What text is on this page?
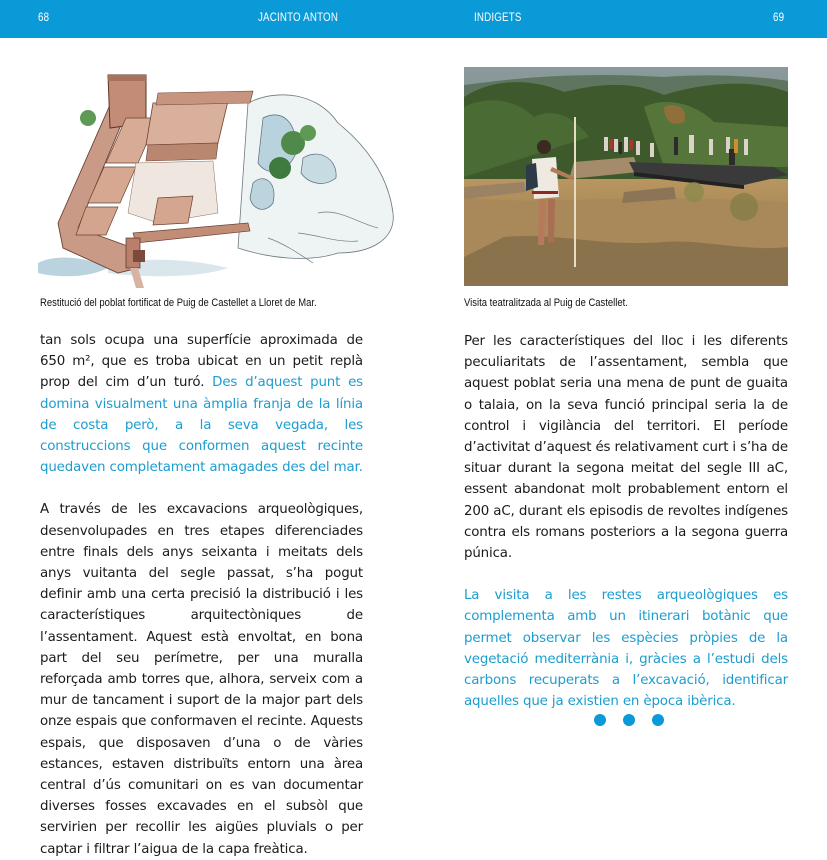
68	JACINTO ANTON	INDIGETS	69
Restitució del poblat fortificat de Puig de Castellet a Lloret de Mar.	Visita teatralitzada al Puig de Castellet.

tan sols ocupa una superfície aproximada de 650 m², que es troba ubicat en un petit replà prop del cim d’un turó. Des d’aquest punt es domina visualment una àmplia franja de la línia de costa però, a la seva vegada, les construccions que conformen aquest recinte quedaven completament amagades des del mar.

A través de les excavacions arqueològiques, desenvolupades en tres etapes diferenciades entre finals dels anys seixanta i meitats dels anys vuitanta del segle passat, s’ha pogut definir amb una certa precisió la distribució i les característiques arquitectòniques de l’assentament. Aquest està envoltat, en bona part del seu perímetre, per una muralla reforçada amb torres que, alhora, serveix com a mur de tancament i suport de la major part dels onze espais que conformaven el recinte. Aquests espais, que disposaven d’una o de vàries estances, estaven distribuïts entorn una àrea central d’ús comunitari on es van documentar diverses fosses excavades en el subsòl que servirien per recollir les aigües pluvials o per captar i filtrar l’aigua de la capa freàtica.

Per les característiques del lloc i les diferents peculiaritats de l’assentament, sembla que aquest poblat seria una mena de punt de guaita o talaia, on la seva funció principal seria la de control i vigilància del territori. El període d’activitat d’aquest és relativament curt i s’ha de situar durant la segona meitat del segle III aC, essent abandonat molt probablement entorn el 200 aC, durant els episodis de revoltes indígenes contra els romans posteriors a la segona guerra púnica.

La visita a les restes arqueològiques es complementa amb un itinerari botànic que permet observar les espècies pròpies de la vegetació mediterrània i, gràcies a l’estudi dels carbons recuperats a l’excavació, identificar aquelles que ja existien en època ibèrica.
